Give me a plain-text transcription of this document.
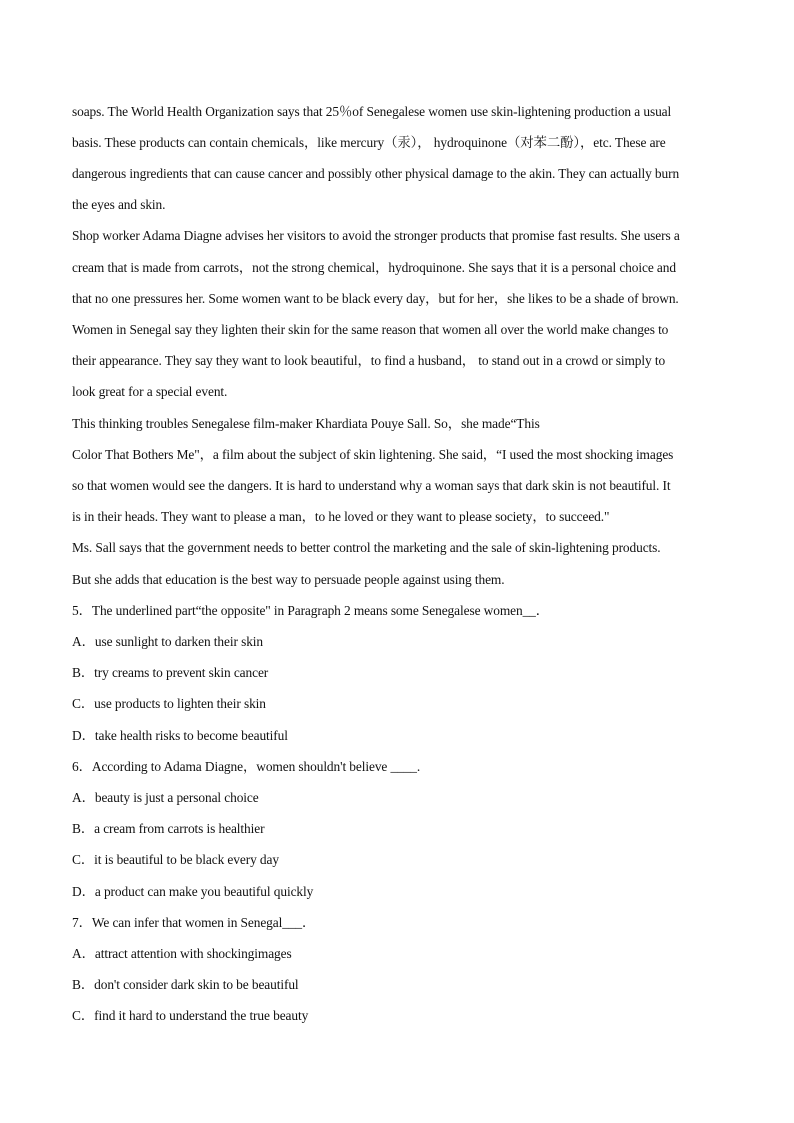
soaps. The World Health Organization says that 25％of Senegalese women use skin-lightening production a usual
basis. These products can contain chemicals，like mercury（汞）， hydroquinone（对苯二酚），etc. These are
dangerous ingredients that can cause cancer and possibly other physical damage to the akin. They can actually burn
the eyes and skin.
Shop worker Adama Diagne advises her visitors to avoid the stronger products that promise fast results. She users a
cream that is made from carrots，not the strong chemical，hydroquinone. She says that it is a personal choice and
that no one pressures her. Some women want to be black every day，but for her，she likes to be a shade of brown.
Women in Senegal say they lighten their skin for the same reason that women all over the world make changes to
their appearance. They say they want to look beautiful，to find a husband， to stand out in a crowd or simply to
look great for a special event.
This thinking troubles Senegalese film-maker Khardiata Pouye Sall. So，she made“This
Color That Bothers Me"，a film about the subject of skin lightening. She said，“I used the most shocking images
so that women would see the dangers. It is hard to understand why a woman says that dark skin is not beautiful. It
is in their heads. They want to please a man，to he loved or they want to please society，to succeed."
Ms. Sall says that the government needs to better control the marketing and the sale of skin-lightening products.
But she adds that education is the best way to persuade people against using them.
5．The underlined part“the opposite" in Paragraph 2 means some Senegalese women__．
A．use sunlight to darken their skin
B．try creams to prevent skin cancer
C．use products to lighten their skin
D．take health risks to become beautiful
6．According to Adama Diagne，women shouldn't believe ____.
A．beauty is just a personal choice
B．a cream from carrots is healthier
C．it is beautiful to be black every day
D．a product can make you beautiful quickly
7．We can infer that women in Senegal___．
A．attract attention with shockingimages
B．don't consider dark skin to be beautiful
C．find it hard to understand the true beauty
